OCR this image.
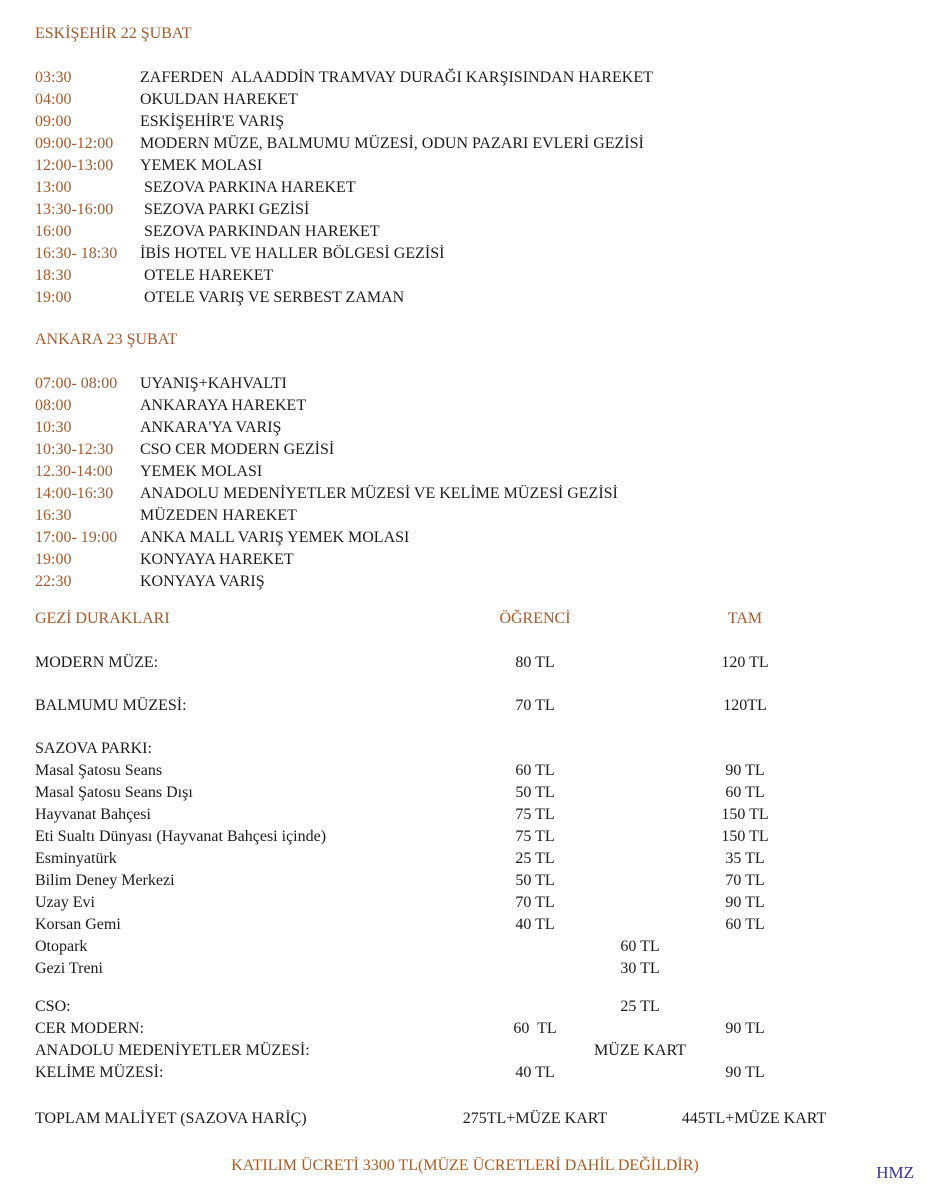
ESKİŞEHİR 22 ŞUBAT
03:30	ZAFERDEN  ALAADDİN TRAMVAY DURAĞI KARŞISINDAN HAREKET
04:00	OKULDAN HAREKET
09:00	ESKİŞEHİR'E VARIŞ
09:00-12:00	MODERN MÜZE, BALMUMU MÜZESİ, ODUN PAZARI EVLERİ GEZİSİ
12:00-13:00	YEMEK MOLASI
13:00	SEZOVA PARKINA HAREKET
13:30-16:00	SEZOVA PARKI GEZİSİ
16:00	SEZOVA PARKINDAN HAREKET
16:30- 18:30	İBİS HOTEL VE HALLER BÖLGESİ GEZİSİ
18:30	OTELE HAREKET
19:00	OTELE VARIŞ VE SERBEST ZAMAN
ANKARA 23 ŞUBAT
07:00- 08:00	UYANIŞ+KAHVALTI
08:00	ANKARAYA HAREKET
10:30	ANKARA'YA VARIŞ
10:30-12:30	CSO CER MODERN GEZİSİ
12.30-14:00	YEMEK MOLASI
14:00-16:30	ANADOLU MEDENİYETLER MÜZESİ VE KELİME MÜZESİ GEZİSİ
16:30	MÜZEDEN HAREKET
17:00- 19:00	ANKA MALL VARIŞ YEMEK MOLASI
19:00	KONYAYA HAREKET
22:30	KONYAYA VARIŞ
GEZİ DURAKLARI	ÖĞRENCİ	TAM
MODERN MÜZE:	80 TL	120 TL
BALMUMU MÜZESİ:	70 TL	120TL
SAZOVA PARKI:
Masal Şatosu Seans	60 TL	90 TL
Masal Şatosu Seans Dışı	50 TL	60 TL
Hayvanat Bahçesi	75 TL	150 TL
Eti Sualtı Dünyası (Hayvanat Bahçesi içinde)	75 TL	150 TL
Esminyatürk	25 TL	35 TL
Bilim Deney Merkezi	50 TL	70 TL
Uzay Evi	70 TL	90 TL
Korsan Gemi	40 TL	60 TL
Otopark	60 TL
Gezi Treni	30 TL
CSO:	25 TL
CER MODERN:	60  TL	90 TL
ANADOLU MEDENİYETLER MÜZESİ:	MÜZE KART
KELİME MÜZESİ:	40 TL	90 TL
TOPLAM MALİYET (SAZOVA HARİÇ)	275TL+MÜZE KART	445TL+MÜZE KART
KATILIM ÜCRETİ 3300 TL(MÜZE ÜCRETLERİ DAHİL DEĞİLDİR)	HMZ
